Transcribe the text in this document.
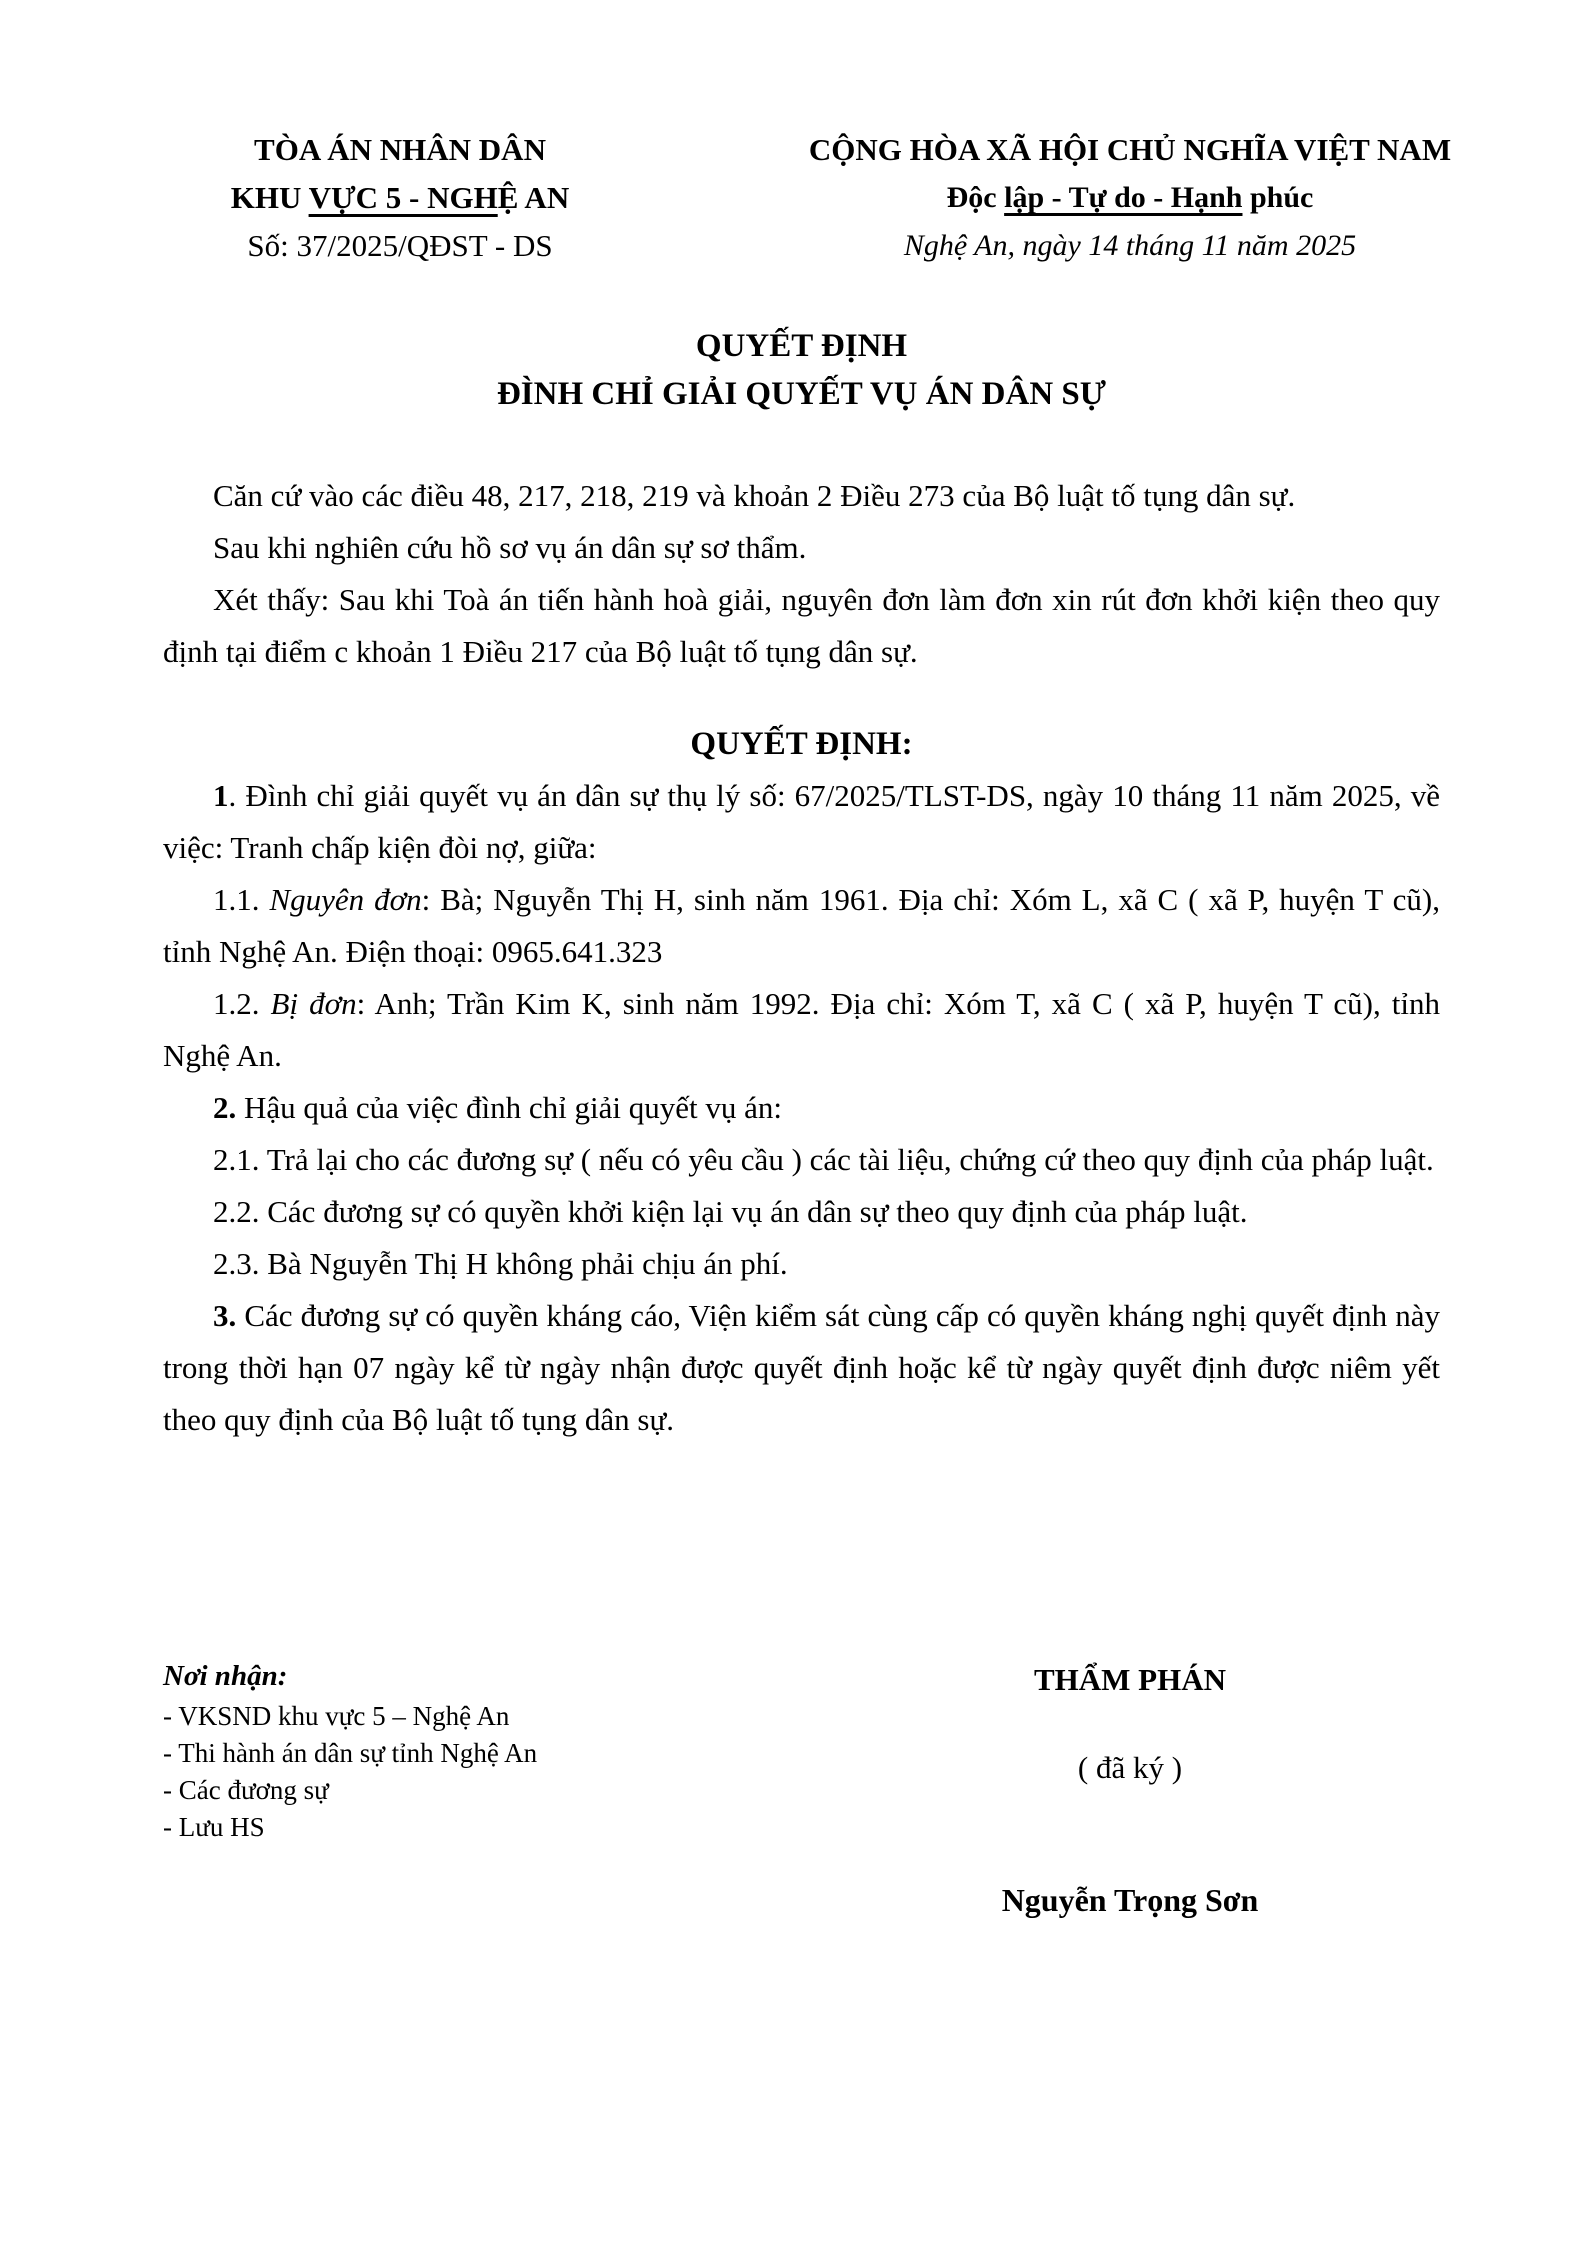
TÒA ÁN NHÂN DÂN
KHU VỰC 5 - NGHỆ AN
Số: 37/2025/QĐST - DS
CỘNG HÒA XÃ HỘI CHỦ NGHĨA VIỆT NAM
Độc lập - Tự do - Hạnh phúc
Nghệ An, ngày 14 tháng 11 năm 2025
QUYẾT ĐỊNH
ĐÌNH CHỈ GIẢI QUYẾT VỤ ÁN DÂN SỰ

Căn cứ vào các điều 48, 217, 218, 219 và khoản 2 Điều 273 của Bộ luật tố tụng dân sự.

Sau khi nghiên cứu hồ sơ vụ án dân sự sơ thẩm.

Xét thấy: Sau khi Toà án tiến hành hoà giải, nguyên đơn làm đơn xin rút đơn khởi kiện theo quy định tại điểm c khoản 1 Điều 217 của Bộ luật tố tụng dân sự.

QUYẾT ĐỊNH:

1. Đình chỉ giải quyết vụ án dân sự thụ lý số: 67/2025/TLST-DS, ngày 10 tháng 11 năm 2025, về việc: Tranh chấp kiện đòi nợ, giữa:

1.1. Nguyên đơn: Bà; Nguyễn Thị H, sinh năm 1961. Địa chỉ: Xóm L, xã C ( xã P, huyện T cũ), tỉnh Nghệ An. Điện thoại: 0965.641.323

1.2. Bị đơn: Anh; Trần Kim K, sinh năm 1992. Địa chỉ: Xóm T, xã C ( xã P, huyện T cũ), tỉnh Nghệ An.

2. Hậu quả của việc đình chỉ giải quyết vụ án:

2.1. Trả lại cho các đương sự ( nếu có yêu cầu ) các tài liệu, chứng cứ theo quy định của pháp luật.

2.2. Các đương sự có quyền khởi kiện lại vụ án dân sự theo quy định của pháp luật.

2.3. Bà Nguyễn Thị H không phải chịu án phí.

3. Các đương sự có quyền kháng cáo, Viện kiểm sát cùng cấp có quyền kháng nghị quyết định này trong thời hạn 07 ngày kể từ ngày nhận được quyết định hoặc kể từ ngày quyết định được niêm yết theo quy định của Bộ luật tố tụng dân sự.

Nơi nhận:
- VKSND khu vực 5 – Nghệ An
- Thi hành án dân sự tỉnh Nghệ An
- Các đương sự
- Lưu HS
THẨM PHÁN
( đã ký )
Nguyễn Trọng Sơn
